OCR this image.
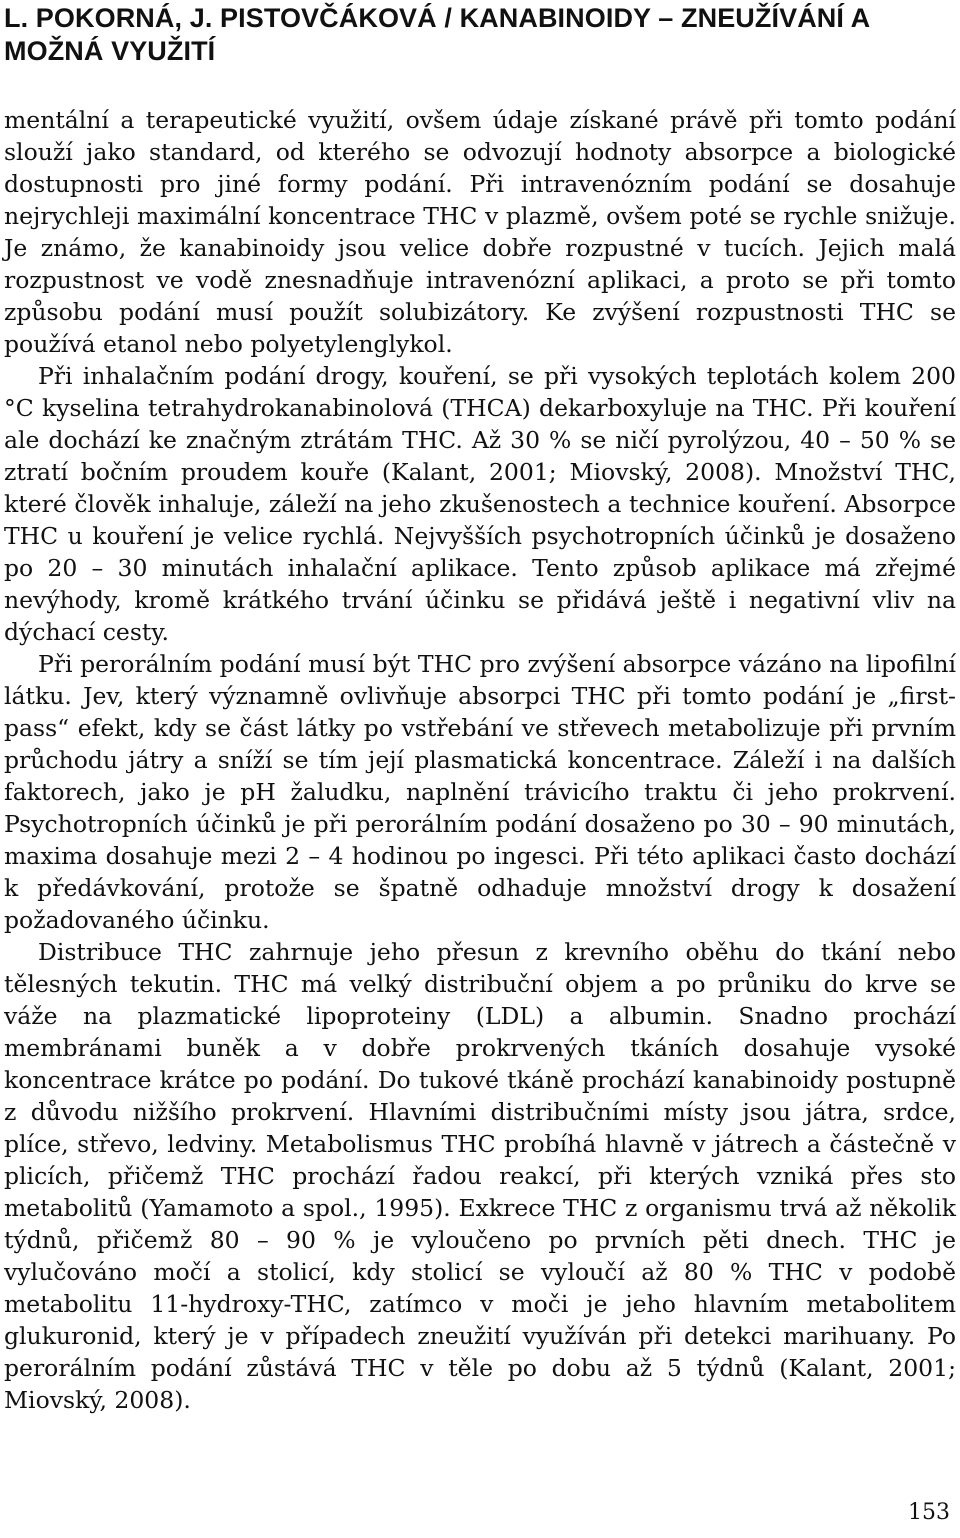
L. POKORNÁ, J. PISTOVČÁKOVÁ / KANABINOIDY – ZNEUŽÍVÁNÍ A MOŽNÁ VYUŽITÍ

mentální a terapeutické využití, ovšem údaje získané právě při tomto podání slouží jako standard, od kterého se odvozují hodnoty absorpce a biologické dostupnosti pro jiné formy podání. Při intravenózním podání se dosahuje nejrychleji maximální koncentrace THC v plazmě, ovšem poté se rychle snižuje. Je známo, že kanabinoidy jsou velice dobře rozpustné v tucích. Jejich malá rozpustnost ve vodě znesnadňuje intravenózní aplikaci, a proto se při tomto způsobu podání musí použít solubizátory. Ke zvýšení rozpustnosti THC se používá etanol nebo polyetylenglykol.

Při inhalačním podání drogy, kouření, se při vysokých teplotách kolem 200 °C kyselina tetrahydrokanabinolová (THCA) dekarboxyluje na THC. Při kouření ale dochází ke značným ztrátám THC. Až 30 % se ničí pyrolýzou, 40 – 50 % se ztratí bočním proudem kouře (Kalant, 2001; Miovský, 2008). Množství THC, které člověk inhaluje, záleží na jeho zkušenostech a technice kouření. Absorpce THC u kouření je velice rychlá. Nejvyšších psychotropních účinků je dosaženo po 20 – 30 minutách inhalační aplikace. Tento způsob aplikace má zřejmé nevýhody, kromě krátkého trvání účinku se přidává ještě i negativní vliv na dýchací cesty.

Při perorálním podání musí být THC pro zvýšení absorpce vázáno na lipofilní látku. Jev, který významně ovlivňuje absorpci THC při tomto podání je „first- pass“ efekt, kdy se část látky po vstřebání ve střevech metabolizuje při prvním průchodu játry a sníží se tím její plasmatická koncentrace. Záleží i na dalších faktorech, jako je pH žaludku, naplnění trávicího traktu či jeho prokrvení. Psychotropních účinků je při perorálním podání dosaženo po 30 – 90 minutách, maxima dosahuje mezi 2 – 4 hodinou po ingesci. Při této aplikaci často dochází k předávkování, protože se špatně odhaduje množství drogy k dosažení požadovaného účinku.

Distribuce THC zahrnuje jeho přesun z krevního oběhu do tkání nebo tělesných tekutin. THC má velký distribuční objem a po průniku do krve se váže na plazmatické lipoproteiny (LDL) a albumin. Snadno prochází membránami buněk a v dobře prokrvených tkáních dosahuje vysoké koncentrace krátce po podání. Do tukové tkáně prochází kanabinoidy postupně z důvodu nižšího prokrvení. Hlavními distribučními místy jsou játra, srdce, plíce, střevo, ledviny. Metabolismus THC probíhá hlavně v játrech a částečně v plicích, přičemž THC prochází řadou reakcí, při kterých vzniká přes sto metabolitů (Yamamoto a spol., 1995). Exkrece THC z organismu trvá až několik týdnů, přičemž 80 – 90 % je vyloučeno po prvních pěti dnech. THC je vylučováno močí a stolicí, kdy stolicí se vyloučí až 80 % THC v podobě metabolitu 11-hydroxy-THC, zatímco v moči je jeho hlavním metabolitem glukuronid, který je v případech zneužití využíván při detekci marihuany. Po perorálním podání zůstává THC v těle po dobu až 5 týdnů (Kalant, 2001; Miovský, 2008).

153
